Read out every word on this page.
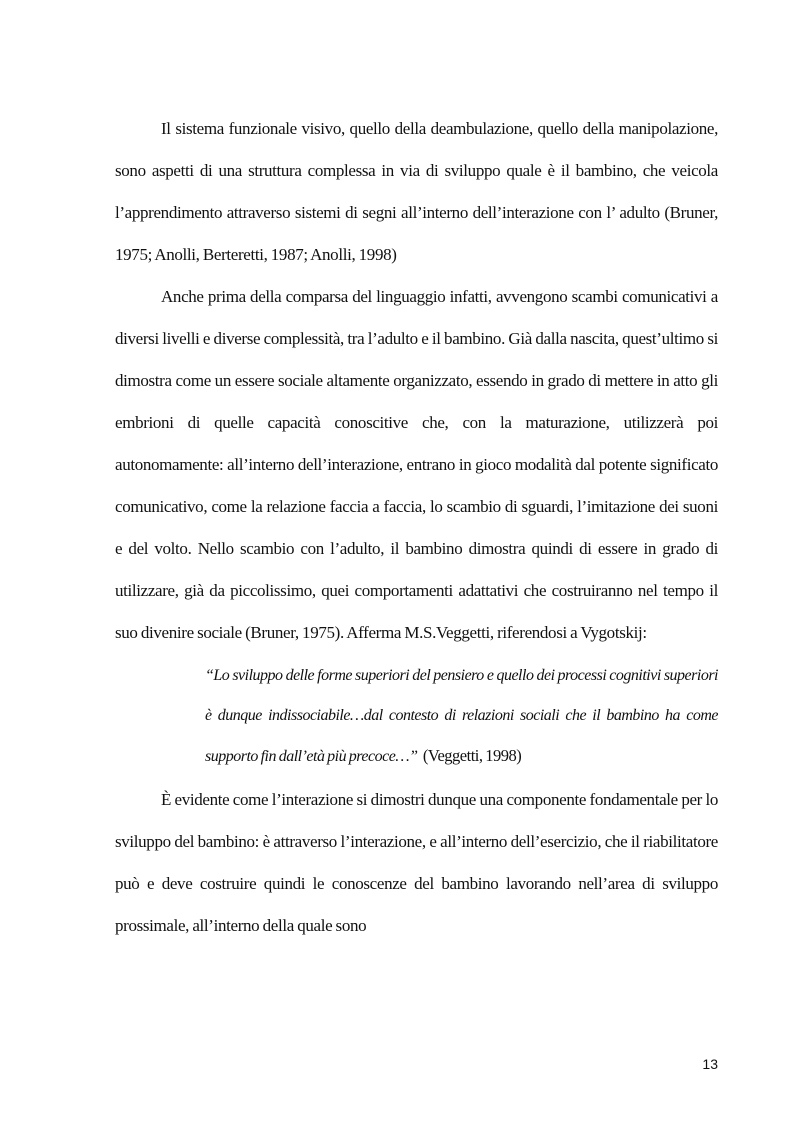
Il sistema funzionale visivo, quello della deambulazione, quello della manipolazione, sono aspetti di una struttura complessa in via di sviluppo quale è il bambino, che veicola l’apprendimento attraverso sistemi di segni all’interno dell’interazione con l’ adulto (Bruner, 1975; Anolli, Berteretti, 1987; Anolli, 1998)

Anche prima della comparsa del linguaggio infatti, avvengono scambi comunicativi a diversi livelli e diverse complessità, tra l’adulto e il bambino. Già dalla nascita, quest’ultimo si dimostra come un essere sociale altamente organizzato, essendo in grado di mettere in atto gli embrioni di quelle capacità conoscitive che, con la maturazione, utilizzerà poi autonomamente: all’interno dell’interazione, entrano in gioco modalità dal potente significato comunicativo, come la relazione faccia a faccia, lo scambio di sguardi, l’imitazione dei suoni e del volto. Nello scambio con l’adulto, il bambino dimostra quindi di essere in grado di utilizzare, già da piccolissimo, quei comportamenti adattativi che costruiranno nel tempo il suo divenire sociale (Bruner, 1975). Afferma M.S.Veggetti, riferendosi a Vygotskij:

“Lo sviluppo delle forme superiori del pensiero e quello dei processi cognitivi superiori è dunque indissociabile…dal contesto di relazioni sociali che il bambino ha come supporto fin dall’età più precoce…” (Veggetti, 1998)

È evidente come l’interazione si dimostri dunque una componente fondamentale per lo sviluppo del bambino: è attraverso l’interazione, e all’interno dell’esercizio, che il riabilitatore può e deve costruire quindi le conoscenze del bambino lavorando nell’area di sviluppo prossimale, all’interno della quale sono

13
